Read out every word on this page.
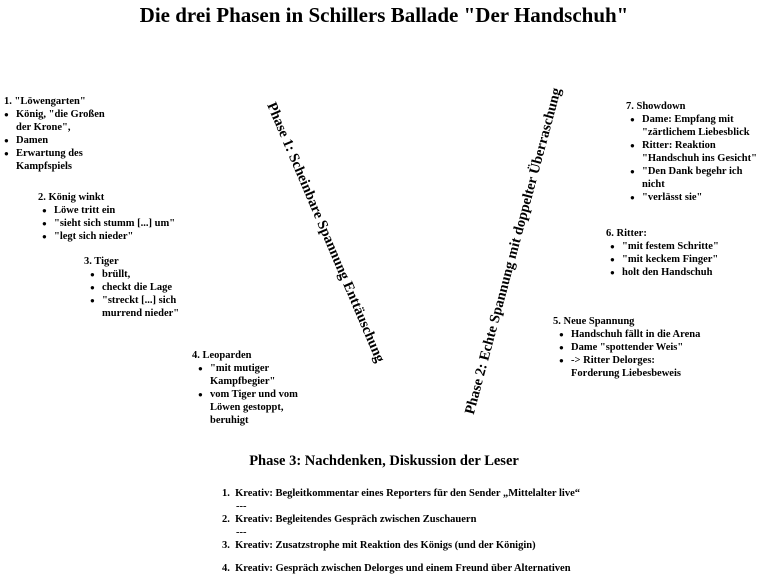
Die drei Phasen in Schillers Ballade "Der Handschuh"
1. "Löwengarten"
● König, "die Großen der Krone",
● Damen
● Erwartung des Kampfspiels
2. König winkt
● Löwe tritt ein
● "sieht sich stumm [...] um"
● "legt sich nieder"
3. Tiger
● brüllt,
● checkt die Lage
● "streckt [...] sich murrend nieder"
4. Leoparden
● "mit mutiger Kampfbegier"
● vom Tiger und vom Löwen gestoppt, beruhigt
5. Neue Spannung
● Handschuh fällt in die Arena
● Dame "spottender Weis"
● -> Ritter Delorges: Forderung Liebesbeweis
6. Ritter:
● "mit festem Schritte"
● "mit keckem Finger"
● holt den Handschuh
7. Showdown
● Dame: Empfang mit "zärtlichem Liebesblick
● Ritter: Reaktion "Handschuh ins Gesicht"
● "Den Dank begehr ich nicht
● "verlässt sie"
Phase 1: Scheinbare Spannung Enttäuschung	Phase 2: Echte Spannung mit doppelter Überraschung
Phase 3: Nachdenken, Diskussion der Leser
1. Kreativ: Begleitkommentar eines Reporters für den Sender „Mittelalter live“
---
2. Kreativ: Begleitendes Gespräch zwischen Zuschauern
---
3. Kreativ: Zusatzstrophe mit Reaktion des Königs (und der Königin)
4. Kreativ: Gespräch zwischen Delorges und einem Freund über Alternativen
